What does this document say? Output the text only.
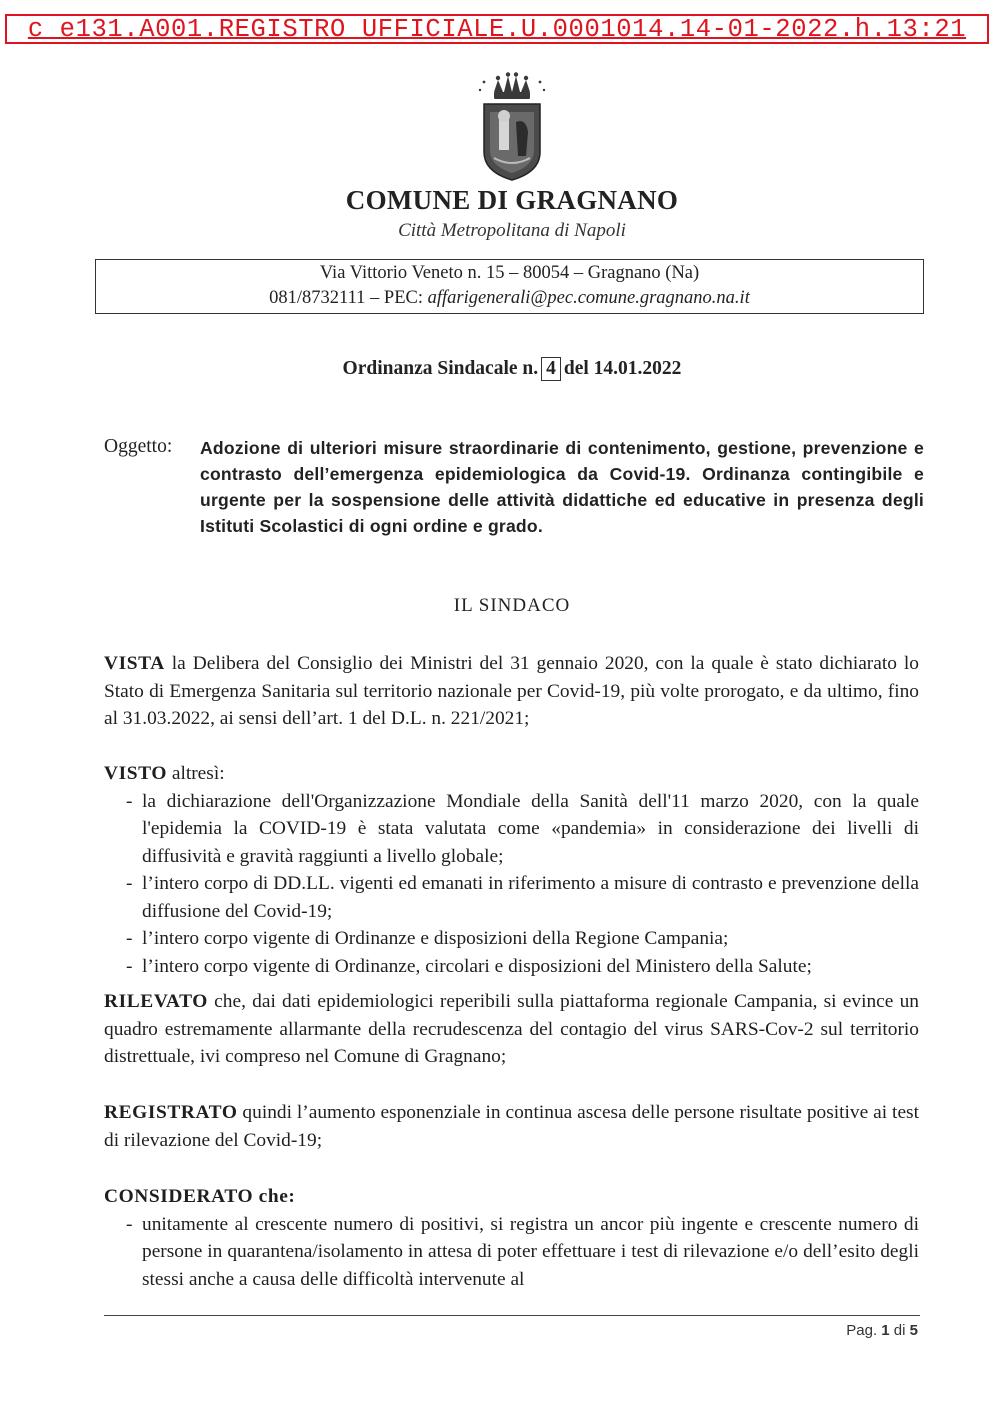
c_e131.A001.REGISTRO UFFICIALE.U.0001014.14-01-2022.h.13:21
COMUNE DI GRAGNANO
Città Metropolitana di Napoli
Via Vittorio Veneto n. 15 – 80054 – Gragnano (Na)
081/8732111 – PEC: affarigenerali@pec.comune.gragnano.na.it
Ordinanza Sindacale n. 4 del 14.01.2022
Oggetto: Adozione di ulteriori misure straordinarie di contenimento, gestione, prevenzione e contrasto dell’emergenza epidemiologica da Covid-19. Ordinanza contingibile e urgente per la sospensione delle attività didattiche ed educative in presenza degli Istituti Scolastici di ogni ordine e grado.
IL SINDACO
VISTA la Delibera del Consiglio dei Ministri del 31 gennaio 2020, con la quale è stato dichiarato lo Stato di Emergenza Sanitaria sul territorio nazionale per Covid-19, più volte prorogato, e da ultimo, fino al 31.03.2022, ai sensi dell’art. 1 del D.L. n. 221/2021;
VISTO altresì:
- la dichiarazione dell'Organizzazione Mondiale della Sanità dell'11 marzo 2020, con la quale l'epidemia la COVID-19 è stata valutata come «pandemia» in considerazione dei livelli di diffusività e gravità raggiunti a livello globale;
- l’intero corpo di DD.LL. vigenti ed emanati in riferimento a misure di contrasto e prevenzione della diffusione del Covid-19;
- l’intero corpo vigente di Ordinanze e disposizioni della Regione Campania;
- l’intero corpo vigente di Ordinanze, circolari e disposizioni del Ministero della Salute;
RILEVATO che, dai dati epidemiologici reperibili sulla piattaforma regionale Campania, si evince un quadro estremamente allarmante della recrudescenza del contagio del virus SARS-Cov-2 sul territorio distrettuale, ivi compreso nel Comune di Gragnano;
REGISTRATO quindi l’aumento esponenziale in continua ascesa delle persone risultate positive ai test di rilevazione del Covid-19;
CONSIDERATO che:
- unitamente al crescente numero di positivi, si registra un ancor più ingente e crescente numero di persone in quarantena/isolamento in attesa di poter effettuare i test di rilevazione e/o dell’esito degli stessi anche a causa delle difficoltà intervenute al
Pag. 1 di 5
